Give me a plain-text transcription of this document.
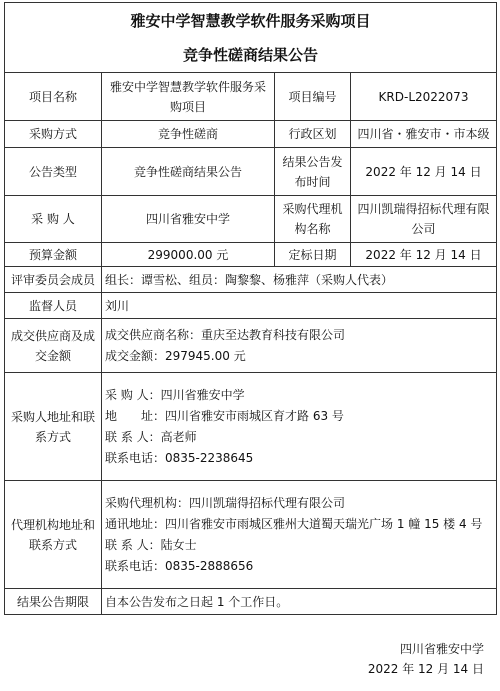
雅安中学智慧教学软件服务采购项目
竞争性磋商结果公告			

项目名称	雅安中学智慧教学软件服务采购项目	项目编号	KRD-L2022073
采购方式	竞争性磋商	行政区划	四川省・雅安市・市本级
公告类型	竞争性磋商结果公告	结果公告发布时间	2022 年 12 月 14 日
采 购 人	四川省雅安中学	采购代理机构名称	四川凯瑞得招标代理有限公司
预算金额	299000.00 元	定标日期	2022 年 12 月 14 日
评审委员会成员	组长：谭雪松、组员：陶黎黎、杨雅萍（采购人代表）		
监督人员	刘川		
成交供应商及成交金额	成交供应商名称：重庆至达教育科技有限公司
成交金额：297945.00 元		

采购人地址和联系方式	采 购 人：四川省雅安中学
地　　址：四川省雅安市雨城区育才路 63 号
联 系 人：高老师
联系电话：0835-2238645		

代理机构地址和联系方式	采购代理机构：四川凯瑞得招标代理有限公司
通讯地址：四川省雅安市雨城区雅州大道蜀天瑞光广场 1 幢 15 楼 4 号
联 系 人：陆女士
联系电话：0835-2888656		

结果公告期限	自本公告发布之日起 1 个工作日。		
四川省雅安中学
2022 年 12 月 14 日
